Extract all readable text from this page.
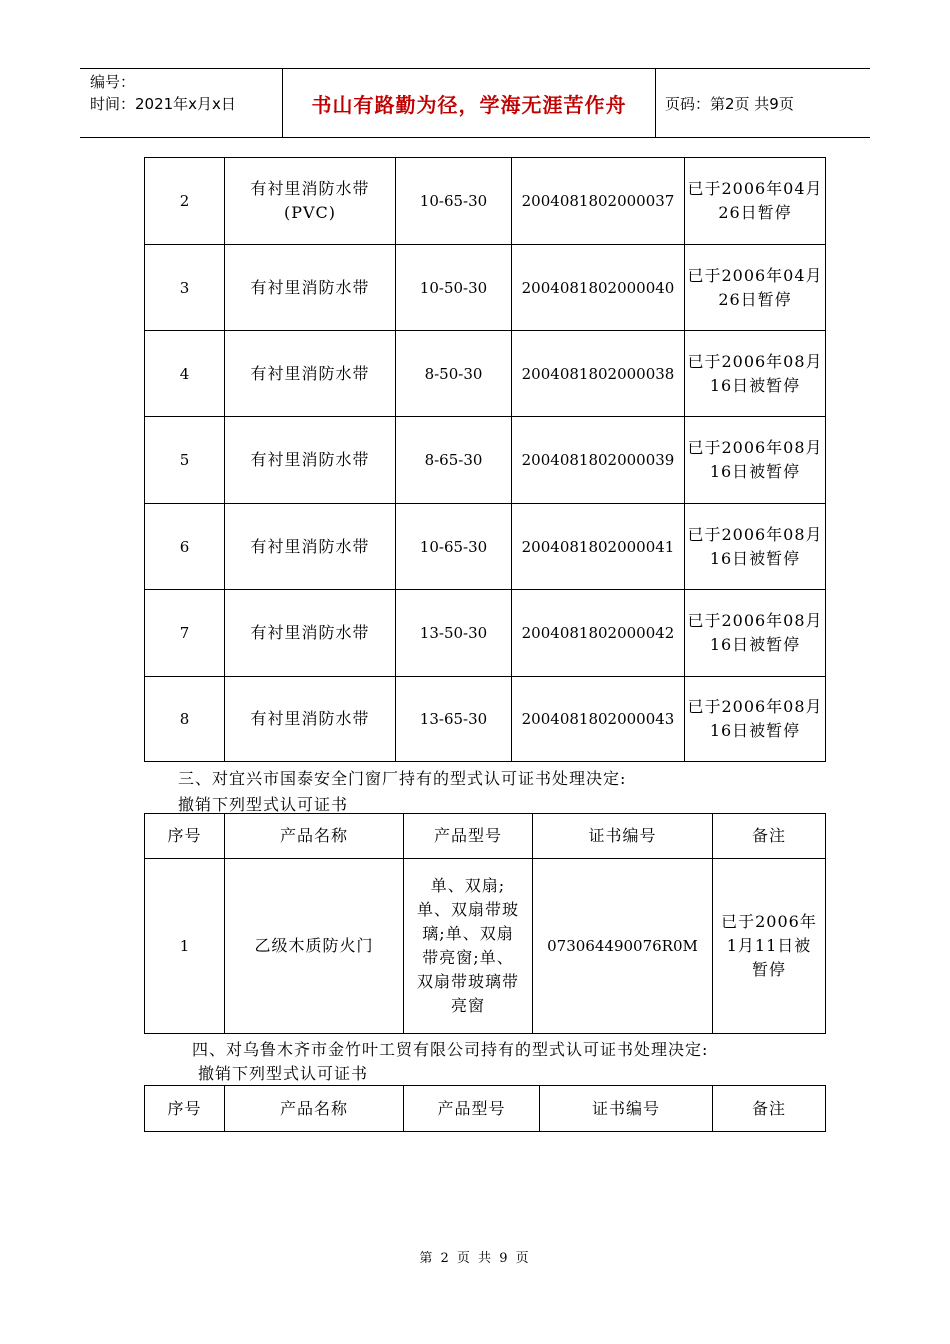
编号：
时间：2021年x月x日	书山有路勤为径，学海无涯苦作舟	页码：第2页 共9页
2	有衬里消防水带(PVC)	10-65-30	2004081802000037	已于2006年04月26日暂停
3	有衬里消防水带	10-50-30	2004081802000040	已于2006年04月26日暂停
4	有衬里消防水带	8-50-30	2004081802000038	已于2006年08月16日被暂停
5	有衬里消防水带	8-65-30	2004081802000039	已于2006年08月16日被暂停
6	有衬里消防水带	10-65-30	2004081802000041	已于2006年08月16日被暂停
7	有衬里消防水带	13-50-30	2004081802000042	已于2006年08月16日被暂停
8	有衬里消防水带	13-65-30	2004081802000043	已于2006年08月16日被暂停
三、对宜兴市国泰安全门窗厂持有的型式认可证书处理决定:
撤销下列型式认可证书
序号	产品名称	产品型号	证书编号	备注
1	乙级木质防火门	单、双扇;单、双扇带玻璃;单、双扇带亮窗;单、双扇带玻璃带亮窗	073064490076R0M	已于2006年1月11日被暂停
四、对乌鲁木齐市金竹叶工贸有限公司持有的型式认可证书处理决定:
撤销下列型式认可证书
序号	产品名称	产品型号	证书编号	备注
第 2 页 共 9 页
